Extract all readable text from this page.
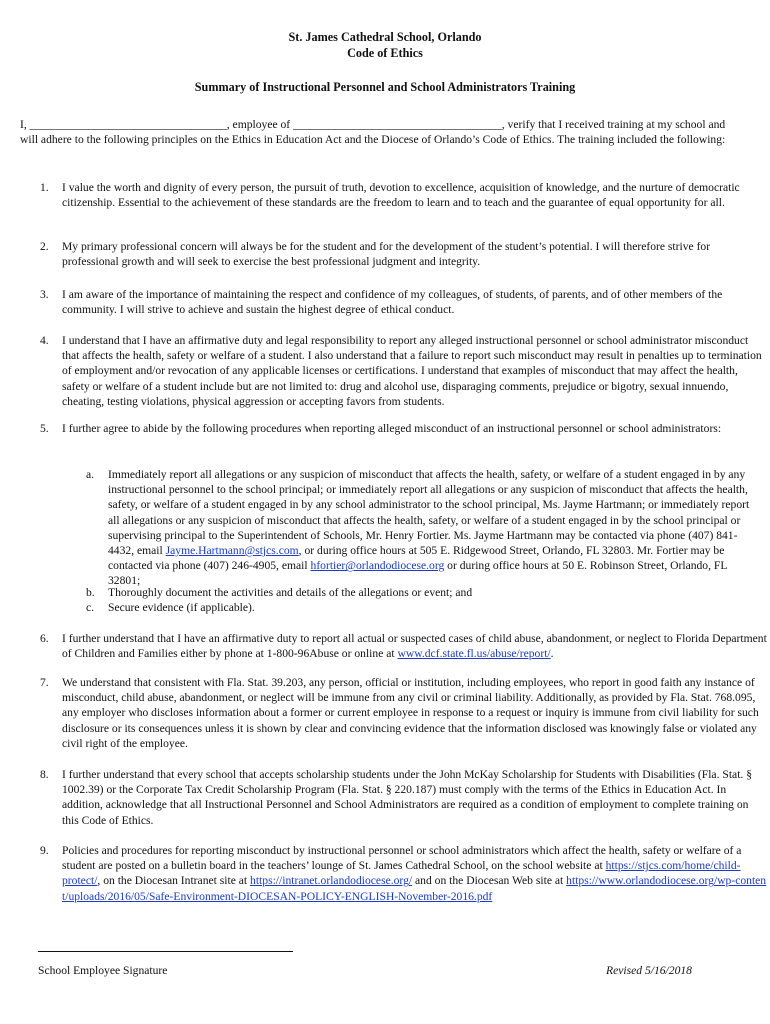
St. James Cathedral School, Orlando
Code of Ethics
Summary of Instructional Personnel and School Administrators Training
I, __________________________________, employee of ____________________________________, verify that I received training at my school and will adhere to the following principles on the Ethics in Education Act and the Diocese of Orlando’s Code of Ethics. The training included the following:
1.	I value the worth and dignity of every person, the pursuit of truth, devotion to excellence, acquisition of knowledge, and the nurture of democratic citizenship. Essential to the achievement of these standards are the freedom to learn and to teach and the guarantee of equal opportunity for all.
2.	My primary professional concern will always be for the student and for the development of the student’s potential. I will therefore strive for professional growth and will seek to exercise the best professional judgment and integrity.
3.	I am aware of the importance of maintaining the respect and confidence of my colleagues, of students, of parents, and of other members of the community. I will strive to achieve and sustain the highest degree of ethical conduct.
4.	I understand that I have an affirmative duty and legal responsibility to report any alleged instructional personnel or school administrator misconduct that affects the health, safety or welfare of a student. I also understand that a failure to report such misconduct may result in penalties up to termination of employment and/or revocation of any applicable licenses or certifications. I understand that examples of misconduct that may affect the health, safety or welfare of a student include but are not limited to: drug and alcohol use, disparaging comments, prejudice or bigotry, sexual innuendo, cheating, testing violations, physical aggression or accepting favors from students.
5.	I further agree to abide by the following procedures when reporting alleged misconduct of an instructional personnel or school administrators:
a.	Immediately report all allegations or any suspicion of misconduct that affects the health, safety, or welfare of a student engaged in by any instructional personnel to the school principal; or immediately report all allegations or any suspicion of misconduct that affects the health, safety, or welfare of a student engaged in by any school administrator to the school principal, Ms. Jayme Hartmann; or immediately report all allegations or any suspicion of misconduct that affects the health, safety, or welfare of a student engaged in by the school principal or supervising principal to the Superintendent of Schools, Mr. Henry Fortier. Ms. Jayme Hartmann may be contacted via phone (407) 841-4432, email Jayme.Hartmann@stjcs.com, or during office hours at 505 E. Ridgewood Street, Orlando, FL 32803. Mr. Fortier may be contacted via phone (407) 246-4905, email hfortier@orlandodiocese.org or during office hours at 50 E. Robinson Street, Orlando, FL 32801;
b.	Thoroughly document the activities and details of the allegations or event; and
c.	Secure evidence (if applicable).
6.	I further understand that I have an affirmative duty to report all actual or suspected cases of child abuse, abandonment, or neglect to Florida Department of Children and Families either by phone at 1-800-96Abuse or online at www.dcf.state.fl.us/abuse/report/.
7.	We understand that consistent with Fla. Stat. 39.203, any person, official or institution, including employees, who report in good faith any instance of misconduct, child abuse, abandonment, or neglect will be immune from any civil or criminal liability. Additionally, as provided by Fla. Stat. 768.095, any employer who discloses information about a former or current employee in response to a request or inquiry is immune from civil liability for such disclosure or its consequences unless it is shown by clear and convincing evidence that the information disclosed was knowingly false or violated any civil right of the employee.
8.	I further understand that every school that accepts scholarship students under the John McKay Scholarship for Students with Disabilities (Fla. Stat. § 1002.39) or the Corporate Tax Credit Scholarship Program (Fla. Stat. § 220.187) must comply with the terms of the Ethics in Education Act. In addition, acknowledge that all Instructional Personnel and School Administrators are required as a condition of employment to complete training on this Code of Ethics.
9.	Policies and procedures for reporting misconduct by instructional personnel or school administrators which affect the health, safety or welfare of a student are posted on a bulletin board in the teachers’ lounge of St. James Cathedral School, on the school website at https://stjcs.com/home/child-protect/, on the Diocesan Intranet site at https://intranet.orlandodiocese.org/ and on the Diocesan Web site at https://www.orlandodiocese.org/wp-content/uploads/2016/05/Safe-Environment-DIOCESAN-POLICY-ENGLISH-November-2016.pdf
School Employee Signature	Revised 5/16/2018
